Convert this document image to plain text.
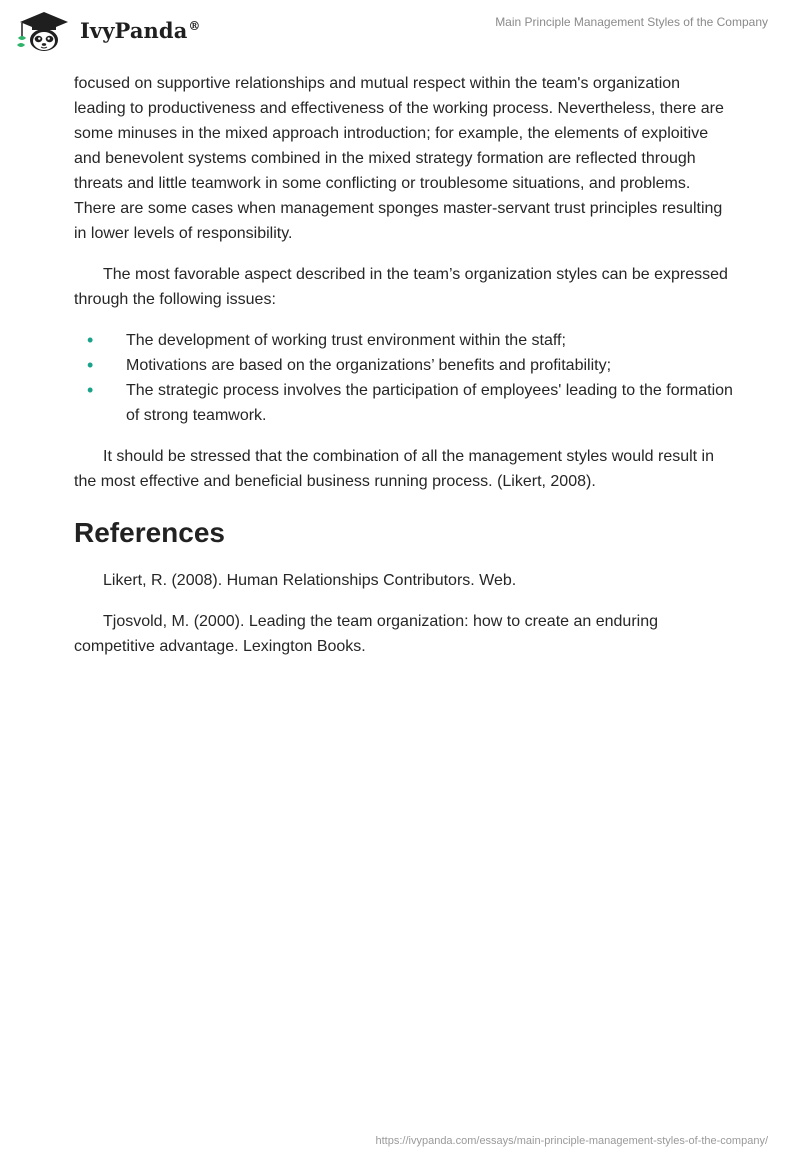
IvyPanda®	Main Principle Management Styles of the Company

focused on supportive relationships and mutual respect within the team's organization leading to productiveness and effectiveness of the working process. Nevertheless, there are some minuses in the mixed approach introduction; for example, the elements of exploitive and benevolent systems combined in the mixed strategy formation are reflected through threats and little teamwork in some conflicting or troublesome situations, and problems. There are some cases when management sponges master-servant trust principles resulting in lower levels of responsibility.

The most favorable aspect described in the team’s organization styles can be expressed through the following issues:

• The development of working trust environment within the staff;
• Motivations are based on the organizations’ benefits and profitability;
• The strategic process involves the participation of employees' leading to the formation of strong teamwork.

It should be stressed that the combination of all the management styles would result in the most effective and beneficial business running process. (Likert, 2008).

References

Likert, R. (2008). Human Relationships Contributors. Web.

Tjosvold, M. (2000). Leading the team organization: how to create an enduring competitive advantage. Lexington Books.

https://ivypanda.com/essays/main-principle-management-styles-of-the-company/
